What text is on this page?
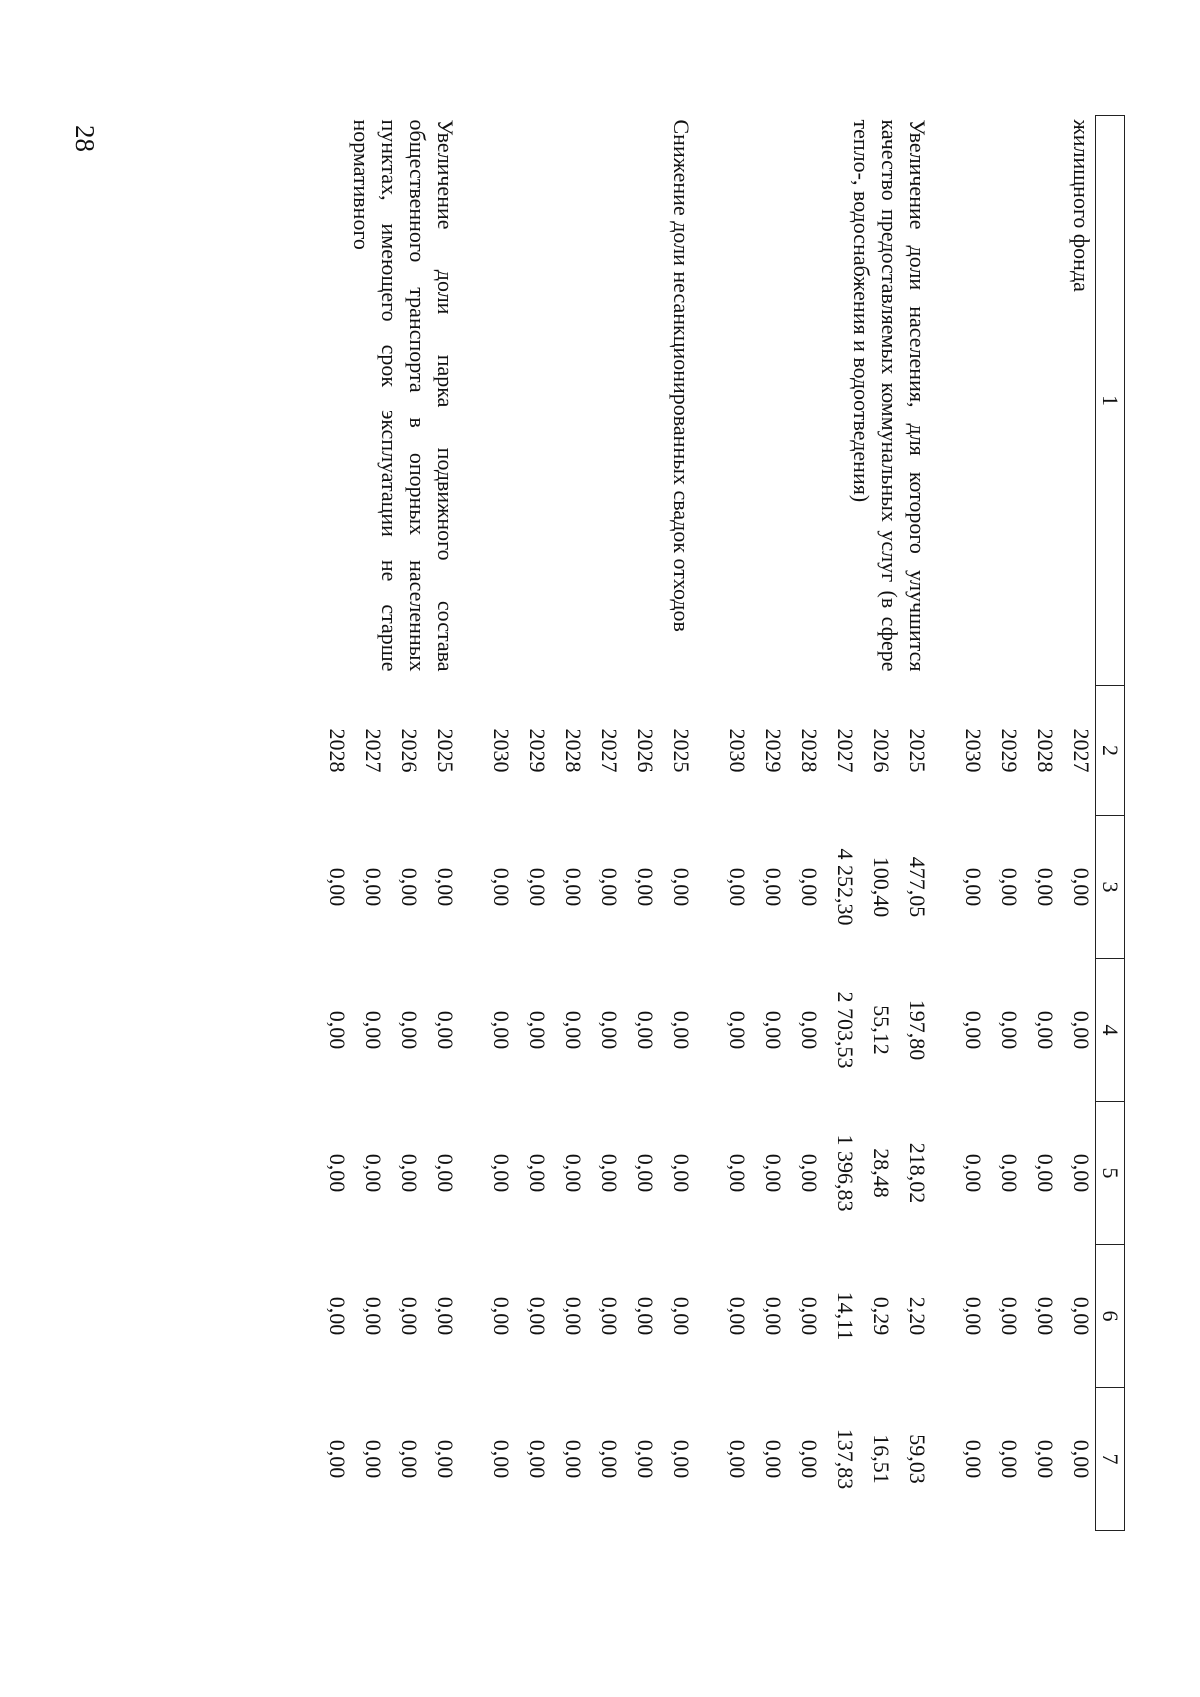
28
1	2	3	4	5	6	7
жилищного фонда	2027	0,00	0,00	0,00	0,00	0,00
	2028	0,00	0,00	0,00	0,00	0,00
	2029	0,00	0,00	0,00	0,00	0,00
	2030	0,00	0,00	0,00	0,00	0,00
Увеличение доли населения, для которого улучшится качество предоставляемых коммунальных услуг (в сфере тепло-, водоснабжения и водоотведения)	2025	477,05	197,80	218,02	2,20	59,03
	2026	100,40	55,12	28,48	0,29	16,51
	2027	4 252,30	2 703,53	1 396,83	14,11	137,83
	2028	0,00	0,00	0,00	0,00	0,00
	2029	0,00	0,00	0,00	0,00	0,00
	2030	0,00	0,00	0,00	0,00	0,00
Снижение доли несанкционированных свадок отходов	2025	0,00	0,00	0,00	0,00	0,00
	2026	0,00	0,00	0,00	0,00	0,00
	2027	0,00	0,00	0,00	0,00	0,00
	2028	0,00	0,00	0,00	0,00	0,00
	2029	0,00	0,00	0,00	0,00	0,00
	2030	0,00	0,00	0,00	0,00	0,00
Увеличение доли парка подвижного состава общественного транспорта в опорных населенных пунктах, имеющего срок эксплуатации не старше нормативного	2025	0,00	0,00	0,00	0,00	0,00
	2026	0,00	0,00	0,00	0,00	0,00
	2027	0,00	0,00	0,00	0,00	0,00
	2028	0,00	0,00	0,00	0,00	0,00
